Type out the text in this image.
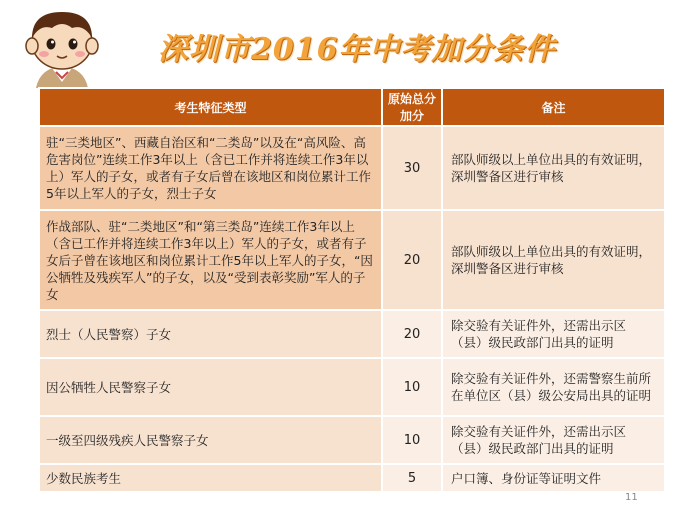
深圳市2016年中考加分条件
考生特征类型	原始总分加分	备注
驻“三类地区”、西藏自治区和“二类岛”以及在“高风险、高危害岗位”连续工作3年以上（含已工作并将连续工作3年以上）军人的子女，或者有子女后曾在该地区和岗位累计工作5年以上军人的子女，烈士子女	30	部队师级以上单位出具的有效证明，深圳警备区进行审核
作战部队、驻“二类地区”和“第三类岛”连续工作3年以上（含已工作并将连续工作3年以上）军人的子女，或者有子女后子曾在该地区和岗位累计工作5年以上军人的子女，“因公牺牲及残疾军人”的子女，以及“受到表彰奖励”军人的子女	20	部队师级以上单位出具的有效证明，深圳警备区进行审核
烈士（人民警察）子女	20	除交验有关证件外，还需出示区（县）级民政部门出具的证明
因公牺牲人民警察子女	10	除交验有关证件外，还需警察生前所在单位区（县）级公安局出具的证明
一级至四级残疾人民警察子女	10	除交验有关证件外，还需出示区（县）级民政部门出具的证明
少数民族考生	5	户口簿、身份证等证明文件
11
